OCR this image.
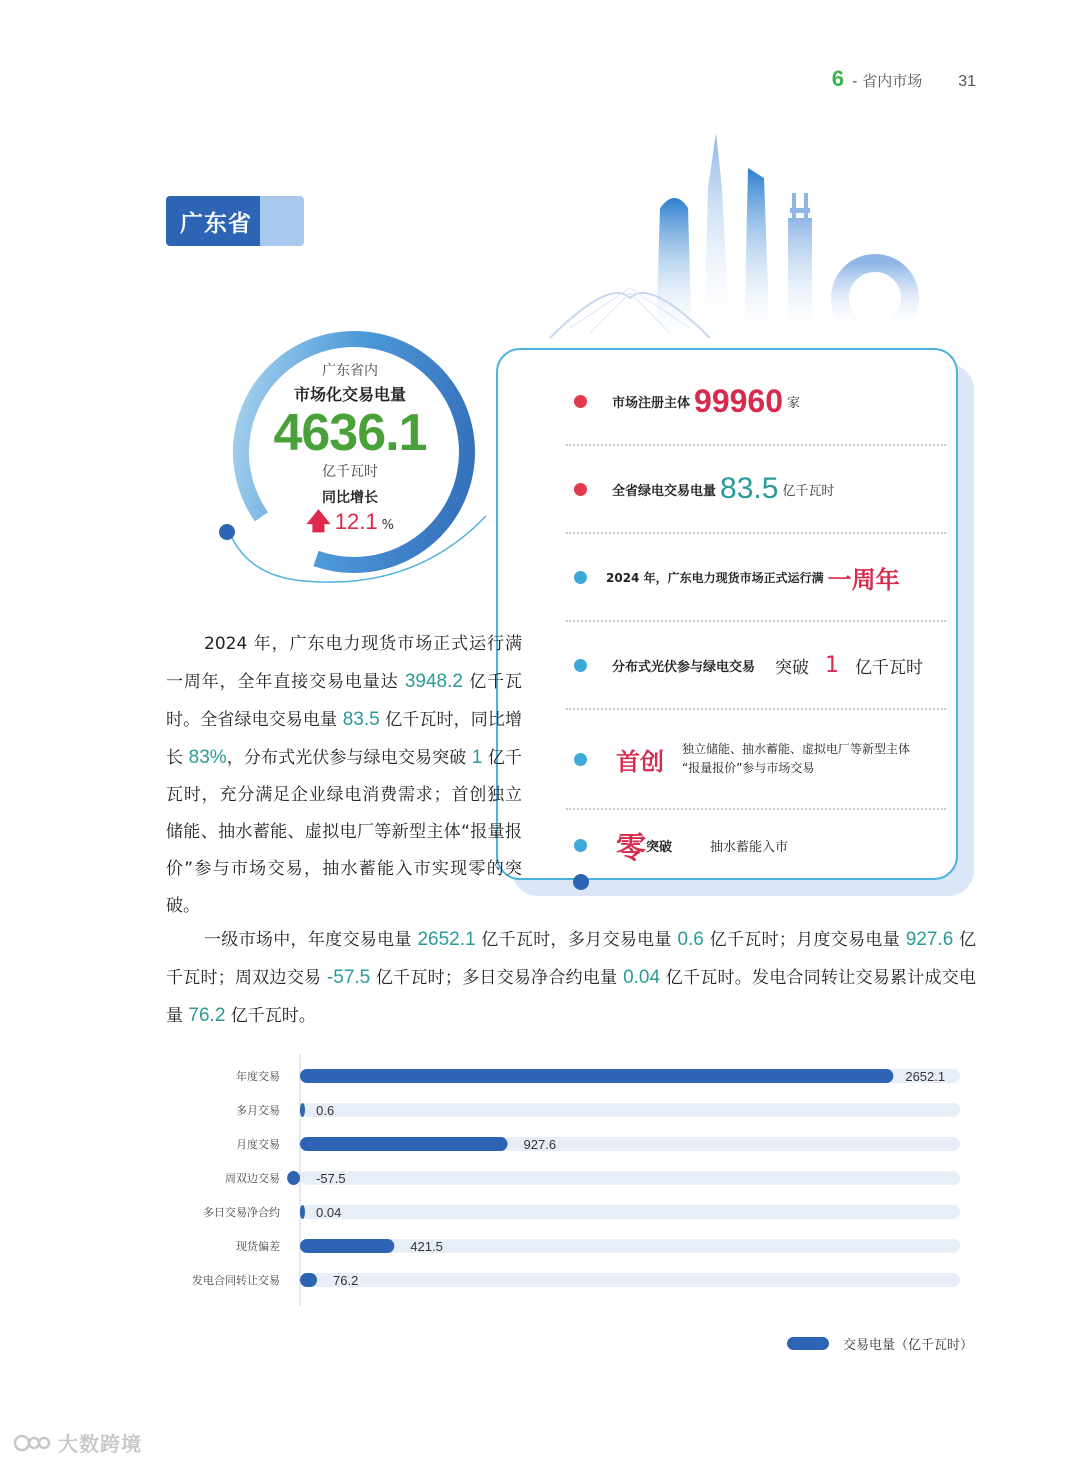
6 - 省内市场 31
广东省
广东省内
市场化交易电量
4636.1
亿千瓦时
同比增长
🡅 12.1 %
市场注册主体 99960 家
全省绿电交易电量 83.5 亿千瓦时
2024 年，广东电力现货市场正式运行满 一周年
分布式光伏参与绿电交易 突破 1 亿千瓦时
首创 独立储能、抽水蓄能、虚拟电厂等新型主体
“报量报价”参与市场交易
零 突破	抽水蓄能入市

2024 年，广东电力现货市场正式运行满一周年，全年直接交易电量达 3948.2 亿千瓦时。全省绿电交易电量 83.5 亿千瓦时，同比增长 83%，分布式光伏参与绿电交易突破 1 亿千瓦时，充分满足企业绿电消费需求；首创独立储能、抽水蓄能、虚拟电厂等新型主体“报量报价”参与市场交易，抽水蓄能入市实现零的突破。

一级市场中，年度交易电量 2652.1 亿千瓦时，多月交易电量 0.6 亿千瓦时；月度交易电量 927.6 亿千瓦时；周双边交易 -57.5 亿千瓦时；多日交易净合约电量 0.04 亿千瓦时。发电合同转让交易累计成交电量 76.2 亿千瓦时。

年度交易	2652.1
多月交易	0.6
月度交易	927.6
周双边交易	-57.5
多日交易净合约	0.04
现货偏差	421.5
发电合同转让交易	76.2
交易电量（亿千瓦时）
大数跨境
